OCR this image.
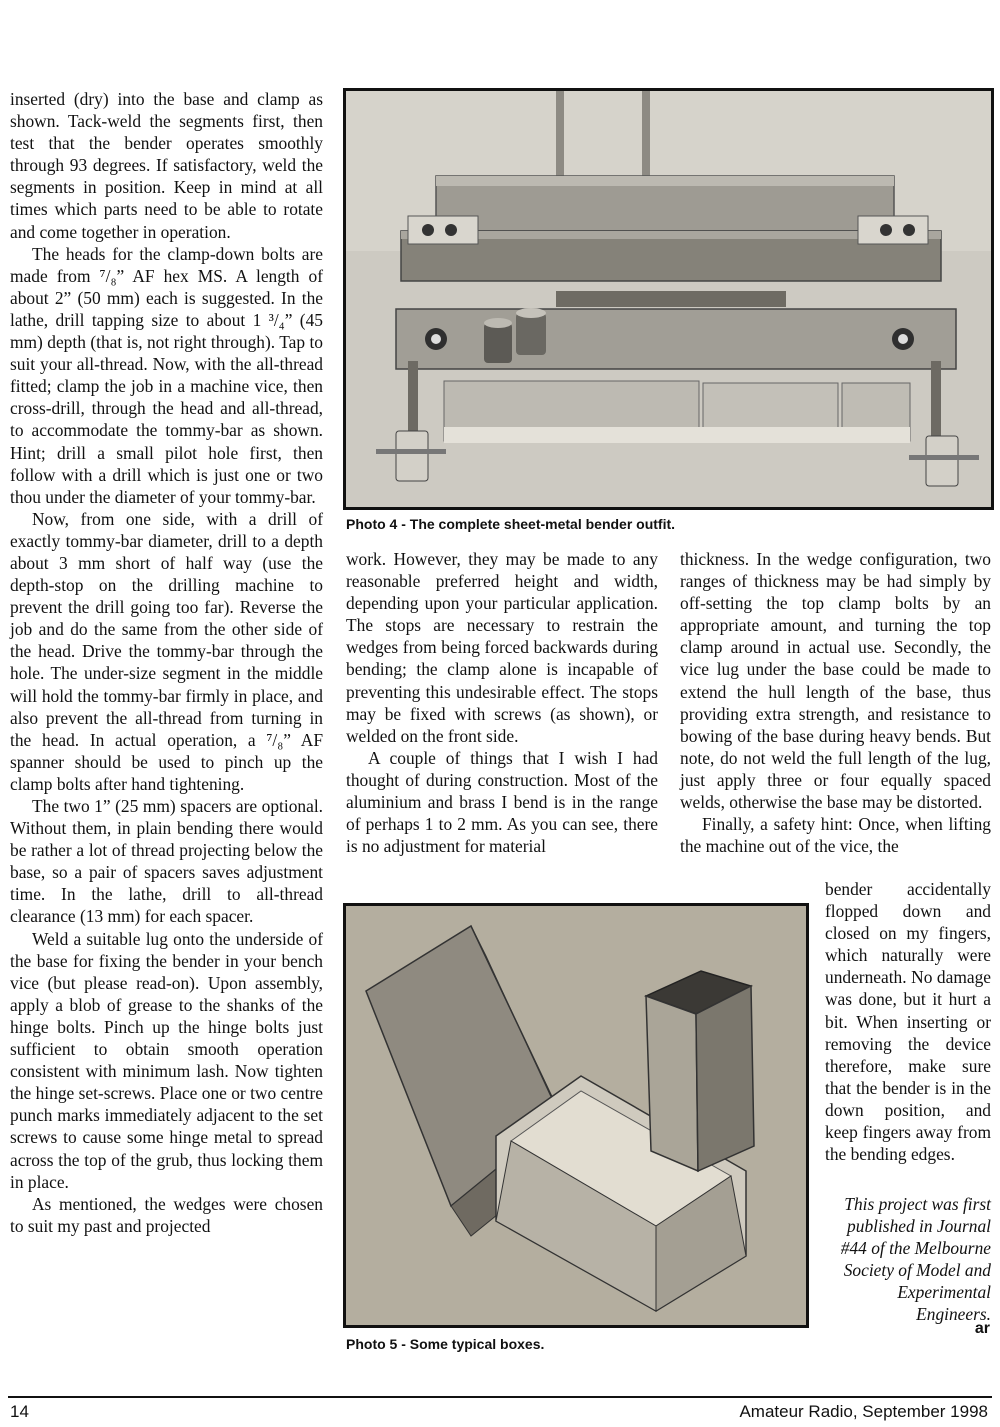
inserted (dry) into the base and clamp as shown. Tack-weld the segments first, then test that the bender operates smoothly through 93 degrees. If satisfactory, weld the segments in position. Keep in mind at all times which parts need to be able to rotate and come together in operation.

The heads for the clamp-down bolts are made from ⁷/₈” AF hex MS. A length of about 2” (50 mm) each is suggested. In the lathe, drill tapping size to about 1 ³/₄” (45 mm) depth (that is, not right through). Tap to suit your all-thread. Now, with the all-thread fitted; clamp the job in a machine vice, then cross-drill, through the head and all-thread, to accommodate the tommy-bar as shown. Hint; drill a small pilot hole first, then follow with a drill which is just one or two thou under the diameter of your tommy-bar.

Now, from one side, with a drill of exactly tommy-bar diameter, drill to a depth about 3 mm short of half way (use the depth-stop on the drilling machine to prevent the drill going too far). Reverse the job and do the same from the other side of the head. Drive the tommy-bar through the hole. The under-size segment in the middle will hold the tommy-bar firmly in place, and also prevent the all-thread from turning in the head. In actual operation, a ⁷/₈” AF spanner should be used to pinch up the clamp bolts after hand tightening.

The two 1” (25 mm) spacers are optional. Without them, in plain bending there would be rather a lot of thread projecting below the base, so a pair of spacers saves adjustment time. In the lathe, drill to all-thread clearance (13 mm) for each spacer.

Weld a suitable lug onto the underside of the base for fixing the bender in your bench vice (but please read-on). Upon assembly, apply a blob of grease to the shanks of the hinge bolts. Pinch up the hinge bolts just sufficient to obtain smooth operation consistent with minimum lash. Now tighten the hinge set-screws. Place one or two centre punch marks immediately adjacent to the set screws to cause some hinge metal to spread across the top of the grub, thus locking them in place.

As mentioned, the wedges were chosen to suit my past and projected

Photo 4 - The complete sheet-metal bender outfit.

work. However, they may be made to any reasonable preferred height and width, depending upon your particular application. The stops are necessary to restrain the wedges from being forced backwards during bending; the clamp alone is incapable of preventing this undesirable effect. The stops may be fixed with screws (as shown), or welded on the front side.

A couple of things that I wish I had thought of during construction. Most of the aluminium and brass I bend is in the range of perhaps 1 to 2 mm. As you can see, there is no adjustment for material

thickness. In the wedge configuration, two ranges of thickness may be had simply by off-setting the top clamp bolts by an appropriate amount, and turning the top clamp around in actual use. Secondly, the vice lug under the base could be made to extend the hull length of the base, thus providing extra strength, and resistance to bowing of the base during heavy bends. But note, do not weld the full length of the lug, just apply three or four equally spaced welds, otherwise the base may be distorted.

Finally, a safety hint: Once, when lifting the machine out of the vice, the

Photo 5 - Some typical boxes.

bender accidentally flopped down and closed on my fingers, which naturally were underneath. No damage was done, but it hurt a bit. When inserting or removing the device therefore, make sure that the bender is in the down position, and keep fingers away from the bending edges.

This project was first published in Journal #44 of the Melbourne Society of Model and Experimental Engineers.
ar
14	Amateur Radio, September 1998
